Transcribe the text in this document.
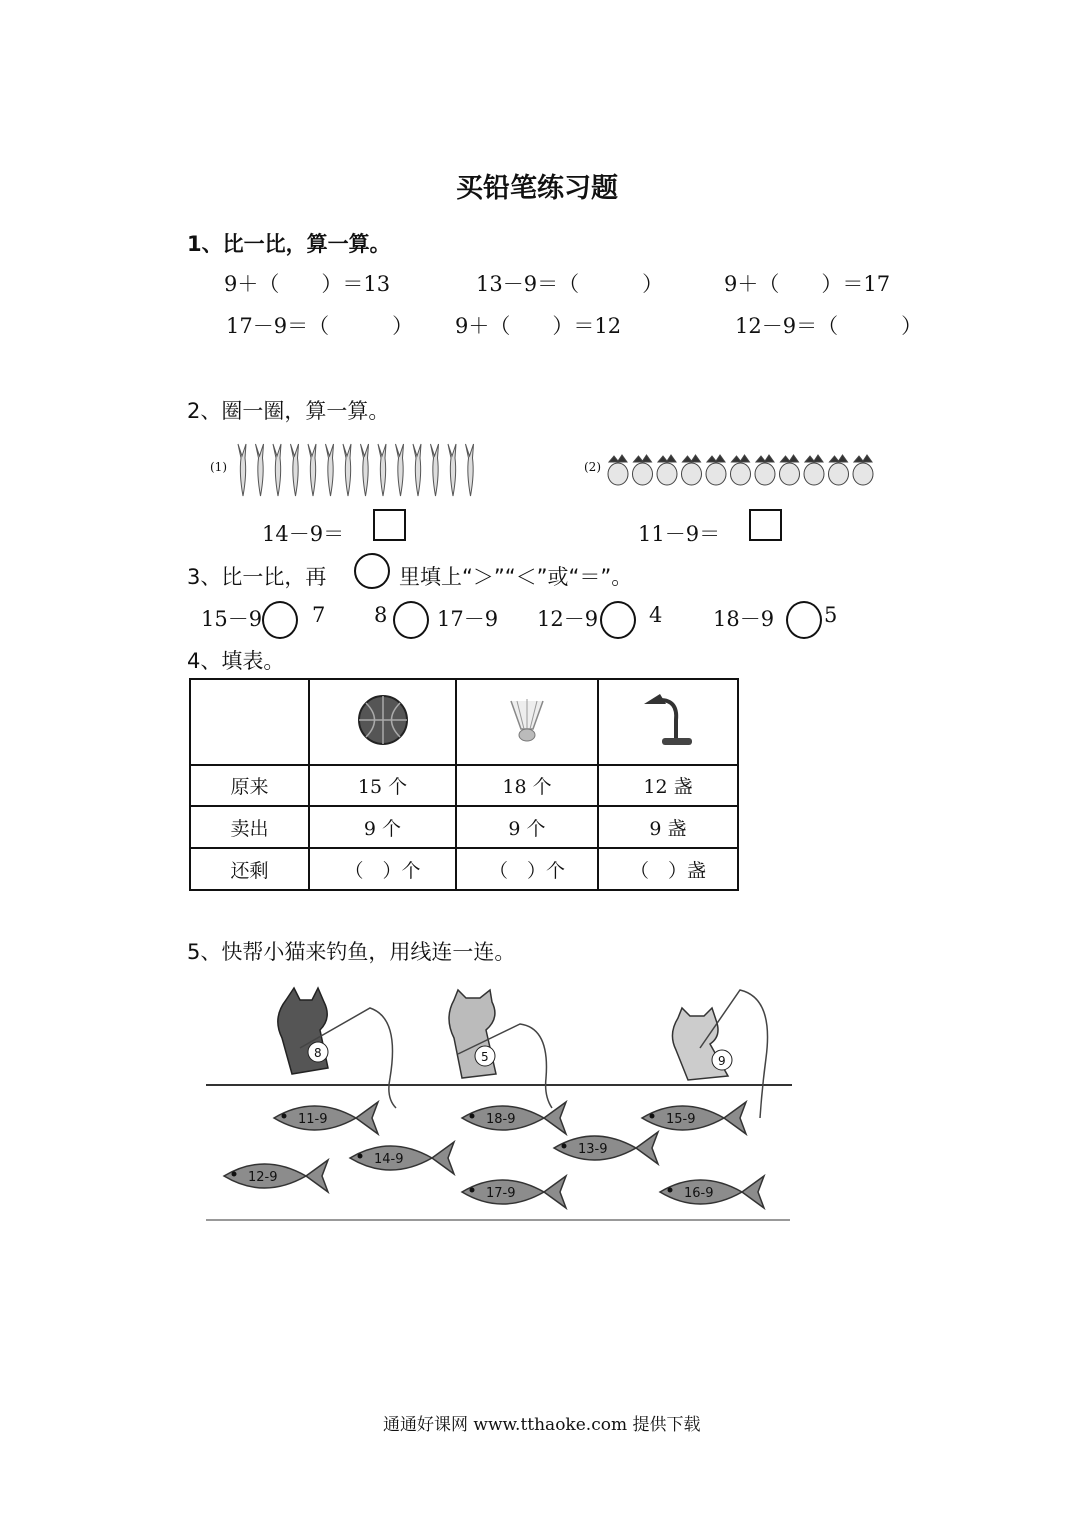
买铅笔练习题
1、比一比，算一算。
9＋（　　）＝13	13－9＝（　　　）	9＋（　　）＝17
17－9＝（　　　） 9＋（　　）＝12	12－9＝（　　　）
2、圈一圈，算一算。
(1)	(2)
14－9＝	11－9＝
3、比一比，再	里填上“＞”“＜”或“＝”。
15－9 7 8 17－9 12－9 4 18－9 5
4、填表。

原来	15 个	18 个	12 盏
卖出	9 个	9 个	9 盏
还剩	（　）个	（　）个	（　）盏
5、快帮小猫来钓鱼，用线连一连。
8	5	9
11-9	18-9	15-9
14-9
13-9
12-9
17-9	16-9
通通好课网 www.tthaoke.com 提供下载
